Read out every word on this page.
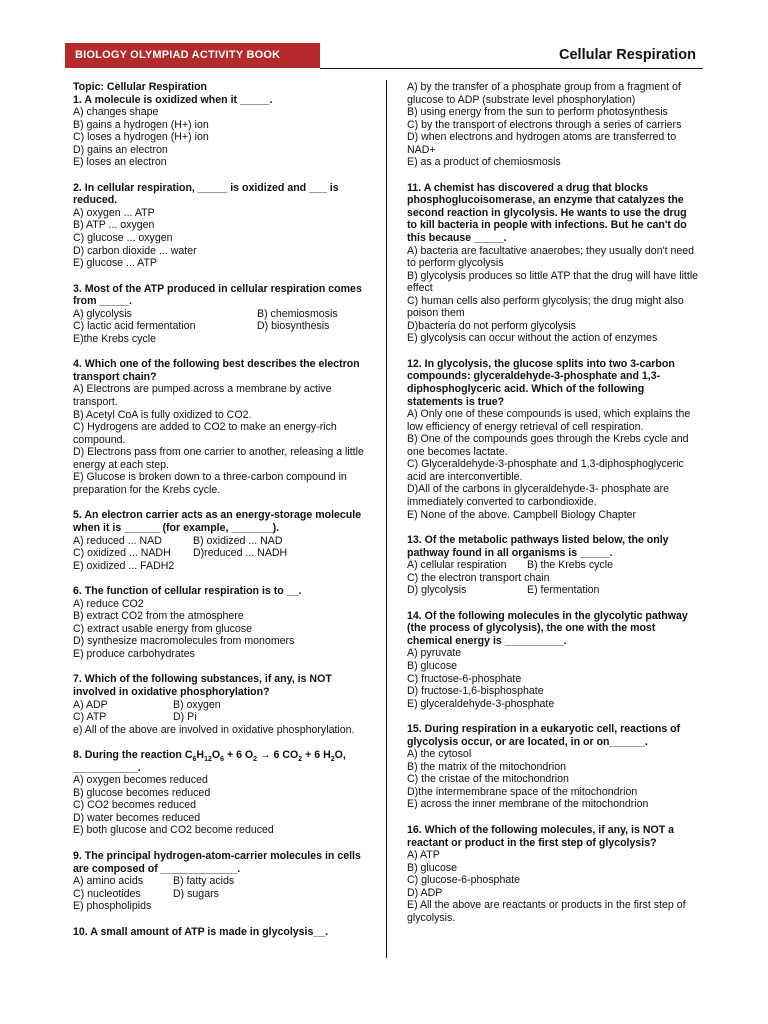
BIOLOGY OLYMPIAD ACTIVITY BOOK	Cellular Respiration
Topic: Cellular Respiration
1. A molecule is oxidized when it _____.
A) changes shape
B) gains a hydrogen (H+) ion
C) loses a hydrogen (H+) ion
D) gains an electron
E) loses an electron
2. In cellular respiration, _____ is oxidized and ___ is reduced.
A) oxygen ... ATP
B) ATP ... oxygen
C) glucose ... oxygen
D) carbon dioxide ... water
E) glucose ... ATP
3. Most of the ATP produced in cellular respiration comes from _____.
A) glycolysis	B) chemiosmosis
C) lactic acid fermentation	D) biosynthesis
E)the Krebs cycle
4. Which one of the following best describes the electron transport chain?
A) Electrons are pumped across a membrane by active transport.
B) Acetyl CoA is fully oxidized to CO2.
C) Hydrogens are added to CO2 to make an energy-rich compound.
D) Electrons pass from one carrier to another, releasing a little energy at each step.
E) Glucose is broken down to a three-carbon compound in preparation for the Krebs cycle.
5. An electron carrier acts as an energy-storage molecule when it is ______ (for example, _______).
A) reduced ... NAD	B) oxidized ... NAD
C) oxidized ... NADH	D)reduced ... NADH
E) oxidized ... FADH2
6. The function of cellular respiration is to __.
A) reduce CO2
B) extract CO2 from the atmosphere
C) extract usable energy from glucose
D) synthesize macromolecules from monomers
E) produce carbohydrates
7. Which of the following substances, if any, is NOT involved in oxidative phosphorylation?
A) ADP	B) oxygen
C) ATP	D) Pi
e) All of the above are involved in oxidative phosphorylation.
8. During the reaction $C_6H_{12}O_6 + 6$ $O_2 \to 6$ $CO_2 + 6$ $H_2O$, ___________.
A) oxygen becomes reduced
B) glucose becomes reduced
C) CO2 becomes reduced
D) water becomes reduced
E) both glucose and CO2 become reduced
9. The principal hydrogen-atom-carrier molecules in cells are composed of _____________.
A) amino acids	B) fatty acids
C) nucleotides	D) sugars
E) phospholipids
10. A small amount of ATP is made in glycolysis__.
A) by the transfer of a phosphate group from a fragment of glucose to ADP (substrate level phosphorylation)
B) using energy from the sun to perform photosynthesis
C) by the transport of electrons through a series of carriers
D) when electrons and hydrogen atoms are transferred to NAD+
E) as a product of chemiosmosis
11. A chemist has discovered a drug that blocks phosphoglucoisomerase, an enzyme that catalyzes the second reaction in glycolysis. He wants to use the drug to kill bacteria in people with infections. But he can't do this because _____.
A) bacteria are facultative anaerobes; they usually don't need to perform glycolysis
B) glycolysis produces so little ATP that the drug will have little effect
C) human cells also perform glycolysis; the drug might also poison them
D)bacteria do not perform glycolysis
E) glycolysis can occur without the action of enzymes
12. In glycolysis, the glucose splits into two 3-carbon compounds: glyceraldehyde-3-phosphate and 1,3-diphosphoglyceric acid. Which of the following statements is true?
A) Only one of these compounds is used, which explains the low efficiency of energy retrieval of cell respiration.
B) One of the compounds goes through the Krebs cycle and one becomes lactate.
C) Glyceraldehyde-3-phosphate and 1,3-diphosphoglyceric acid are interconvertible.
D)All of the carbons in glyceraldehyde-3- phosphate are immediately converted to carbondioxide.
E) None of the above. Campbell Biology Chapter
13. Of the metabolic pathways listed below, the only pathway found in all organisms is _____.
A) cellular respiration	B) the Krebs cycle
C) the electron transport chain
D) glycolysis	E) fermentation
14. Of the following molecules in the glycolytic pathway (the process of glycolysis), the one with the most chemical energy is __________.
A) pyruvate
B) glucose
C) fructose-6-phosphate
D) fructose-1,6-bisphosphate
E) glyceraldehyde-3-phosphate
15. During respiration in a eukaryotic cell, reactions of glycolysis occur, or are located, in or on______.
A) the cytosol
B) the matrix of the mitochondrion
C) the cristae of the mitochondrion
D)the intermembrane space of the mitochondrion
E) across the inner membrane of the mitochondrion
16. Which of the following molecules, if any, is NOT a reactant or product in the first step of glycolysis?
A) ATP
B) glucose
C) glucose-6-phosphate
D) ADP
E) All the above are reactants or products in the first step of glycolysis.
